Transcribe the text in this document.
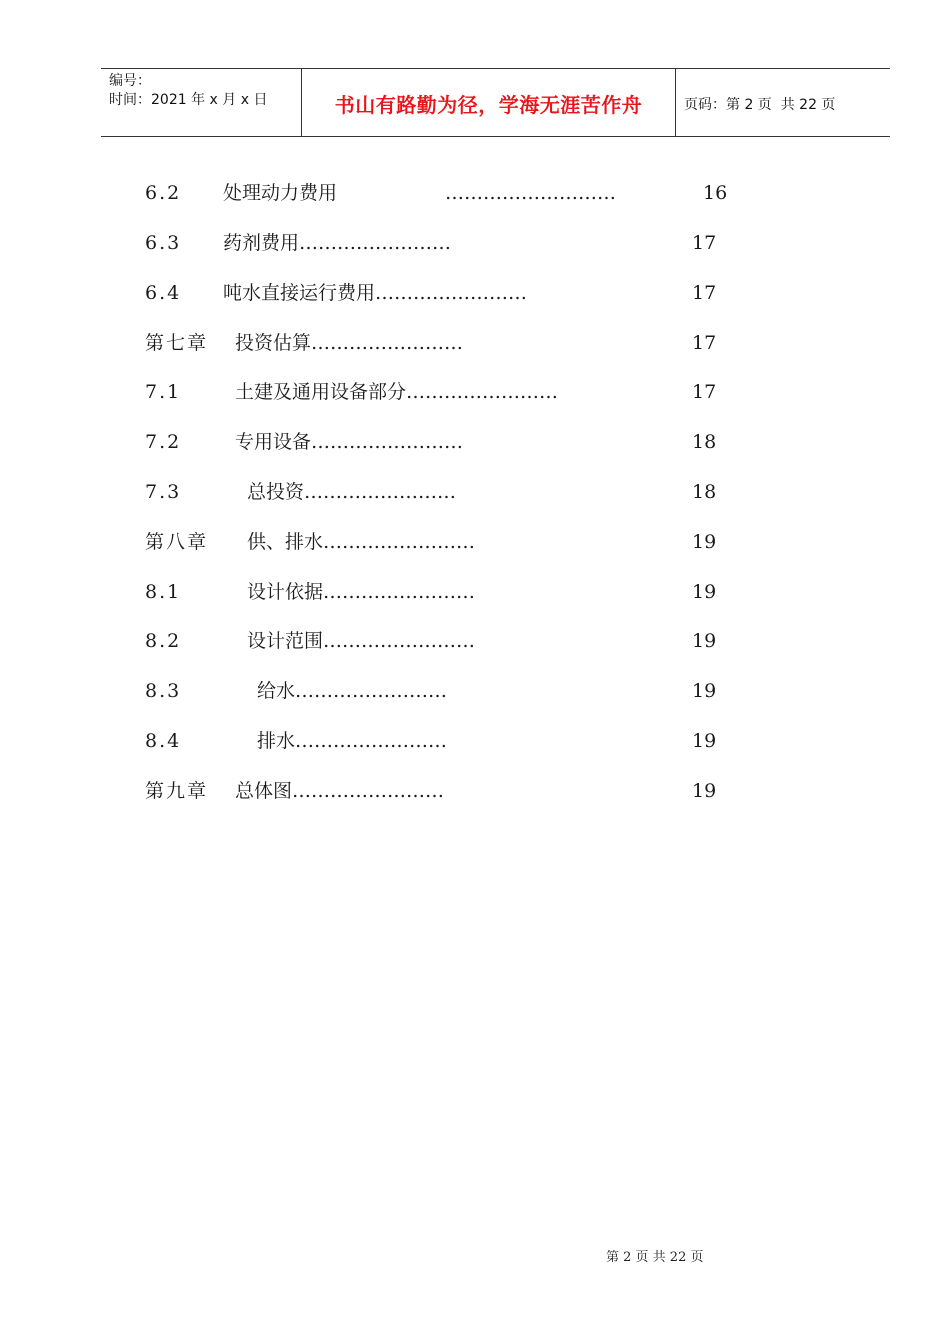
编号：
时间：2021 年 x 月 x 日	书山有路勤为径，学海无涯苦作舟	页码：第 2 页  共 22 页
6.2 处理动力费用	………………………	16
6.3 药剂费用……………………	17
6.4 吨水直接运行费用……………………	17
第七章 投资估算……………………	17
7.1	土建及通用设备部分……………………	17
7.2	专用设备……………………	18
7.3	总投资……………………	18
第八章 供、排水……………………	19
8.1	设计依据……………………	19
8.2	设计范围……………………	19
8.3	给水……………………	19
8.4	排水……………………	19
第九章 总体图……………………	19
第 2 页 共 22 页
